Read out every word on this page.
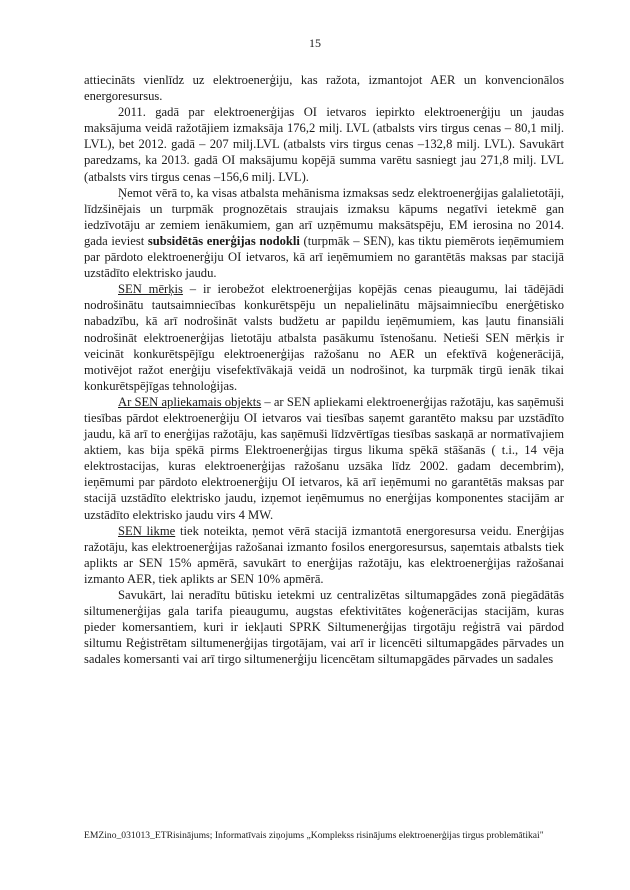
15

attiecināts vienlīdz uz elektroenerģiju, kas ražota, izmantojot AER un konvencionālos energoresursus.

2011. gadā par elektroenerģijas OI ietvaros iepirkto elektroenerģiju un jaudas maksājuma veidā ražotājiem izmaksāja 176,2 milj. LVL (atbalsts virs tirgus cenas – 80,1 milj. LVL), bet 2012. gadā – 207 milj.LVL (atbalsts virs tirgus cenas –132,8 milj. LVL). Savukārt paredzams, ka 2013. gadā OI maksājumu kopējā summa varētu sasniegt jau 271,8 milj. LVL (atbalsts virs tirgus cenas –156,6 milj. LVL).

Ņemot vērā to, ka visas atbalsta mehānisma izmaksas sedz elektroenerģijas galalietotāji, līdzšinējais un turpmāk prognozētais straujais izmaksu kāpums negatīvi ietekmē gan iedzīvotāju ar zemiem ienākumiem, gan arī uzņēmumu maksātspēju, EM ierosina no 2014. gada ieviest subsidētās enerģijas nodokli (turpmāk – SEN), kas tiktu piemērots ieņēmumiem par pārdoto elektroenerģiju OI ietvaros, kā arī ieņēmumiem no garantētās maksas par stacijā uzstādīto elektrisko jaudu.

SEN mērķis – ir ierobežot elektroenerģijas kopējās cenas pieaugumu, lai tādējādi nodrošinātu tautsaimniecības konkurētspēju un nepalielinātu mājsaimniecību enerģētisko nabadzību, kā arī nodrošināt valsts budžetu ar papildu ieņēmumiem, kas ļautu finansiāli nodrošināt elektroenerģijas lietotāju atbalsta pasākumu īstenošanu. Netieši SEN mērķis ir veicināt konkurētspējīgu elektroenerģijas ražošanu no AER un efektīvā koģenerācijā, motivējot ražot enerģiju visefektīvākajā veidā un nodrošinot, ka turpmāk tirgū ienāk tikai konkurētspējīgas tehnoloģijas.

Ar SEN apliekamais objekts – ar SEN apliekami elektroenerģijas ražotāju, kas saņēmuši tiesības pārdot elektroenerģiju OI ietvaros vai tiesības saņemt garantēto maksu par uzstādīto jaudu, kā arī to enerģijas ražotāju, kas saņēmuši līdzvērtīgas tiesības saskaņā ar normatīvajiem aktiem, kas bija spēkā pirms Elektroenerģijas tirgus likuma spēkā stāšanās ( t.i., 14 vēja elektrostacijas, kuras elektroenerģijas ražošanu uzsāka līdz 2002. gadam decembrim), ieņēmumi par pārdoto elektroenerģiju OI ietvaros, kā arī ieņēmumi no garantētās maksas par stacijā uzstādīto elektrisko jaudu, izņemot ieņēmumus no enerģijas komponentes stacijām ar uzstādīto elektrisko jaudu virs 4 MW.

SEN likme tiek noteikta, ņemot vērā stacijā izmantotā energoresursa veidu. Enerģijas ražotāju, kas elektroenerģijas ražošanai izmanto fosilos energoresursus, saņemtais atbalsts tiek aplikts ar SEN 15% apmērā, savukārt to enerģijas ražotāju, kas elektroenerģijas ražošanai izmanto AER, tiek aplikts ar SEN 10% apmērā.

Savukārt, lai neradītu būtisku ietekmi uz centralizētas siltumapgādes zonā piegādātās siltumenerģijas gala tarifa pieaugumu, augstas efektivitātes koģenerācijas stacijām, kuras pieder komersantiem, kuri ir iekļauti SPRK Siltumenerģijas tirgotāju reģistrā vai pārdod siltumu Reģistrētam siltumenerģijas tirgotājam, vai arī ir licencēti siltumapgādes pārvades un sadales komersanti vai arī tirgo siltumenerģiju licencētam siltumapgādes pārvades un sadales

EMZino_031013_ETRisinājums; Informatīvais ziņojums „Komplekss risinājums elektroenerģijas tirgus problemātikai"
